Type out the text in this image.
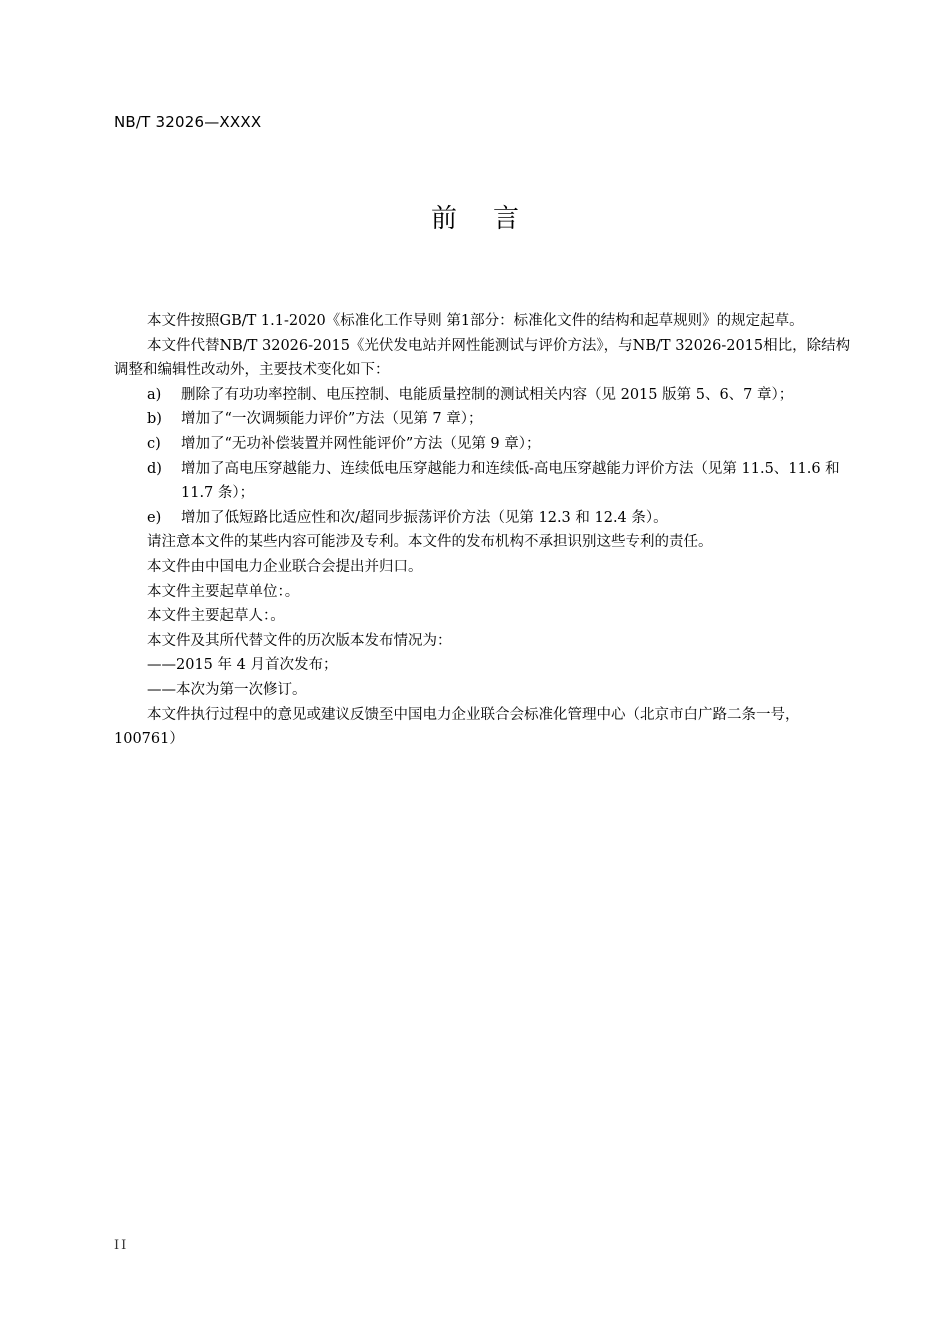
NB/T 32026—XXXX
前言

本文件按照GB/T 1.1-2020《标准化工作导则 第1部分：标准化文件的结构和起草规则》的规定起草。

本文件代替NB/T 32026-2015《光伏发电站并网性能测试与评价方法》，与NB/T 32026-2015相比，除结构调整和编辑性改动外，主要技术变化如下：

a)	删除了有功功率控制、电压控制、电能质量控制的测试相关内容（见 2015 版第 5、6、7 章）；
b)	增加了“一次调频能力评价”方法（见第 7 章）；
c)	增加了“无功补偿装置并网性能评价”方法（见第 9 章）；
d)	增加了高电压穿越能力、连续低电压穿越能力和连续低-高电压穿越能力评价方法（见第 11.5、11.6 和 11.7 条）；
e)	增加了低短路比适应性和次/超同步振荡评价方法（见第 12.3 和 12.4 条）。

请注意本文件的某些内容可能涉及专利。本文件的发布机构不承担识别这些专利的责任。

本文件由中国电力企业联合会提出并归口。

本文件主要起草单位：。

本文件主要起草人：。

本文件及其所代替文件的历次版本发布情况为：

——2015 年 4 月首次发布；

——本次为第一次修订。

本文件执行过程中的意见或建议反馈至中国电力企业联合会标准化管理中心（北京市白广路二条一号，100761）

II
